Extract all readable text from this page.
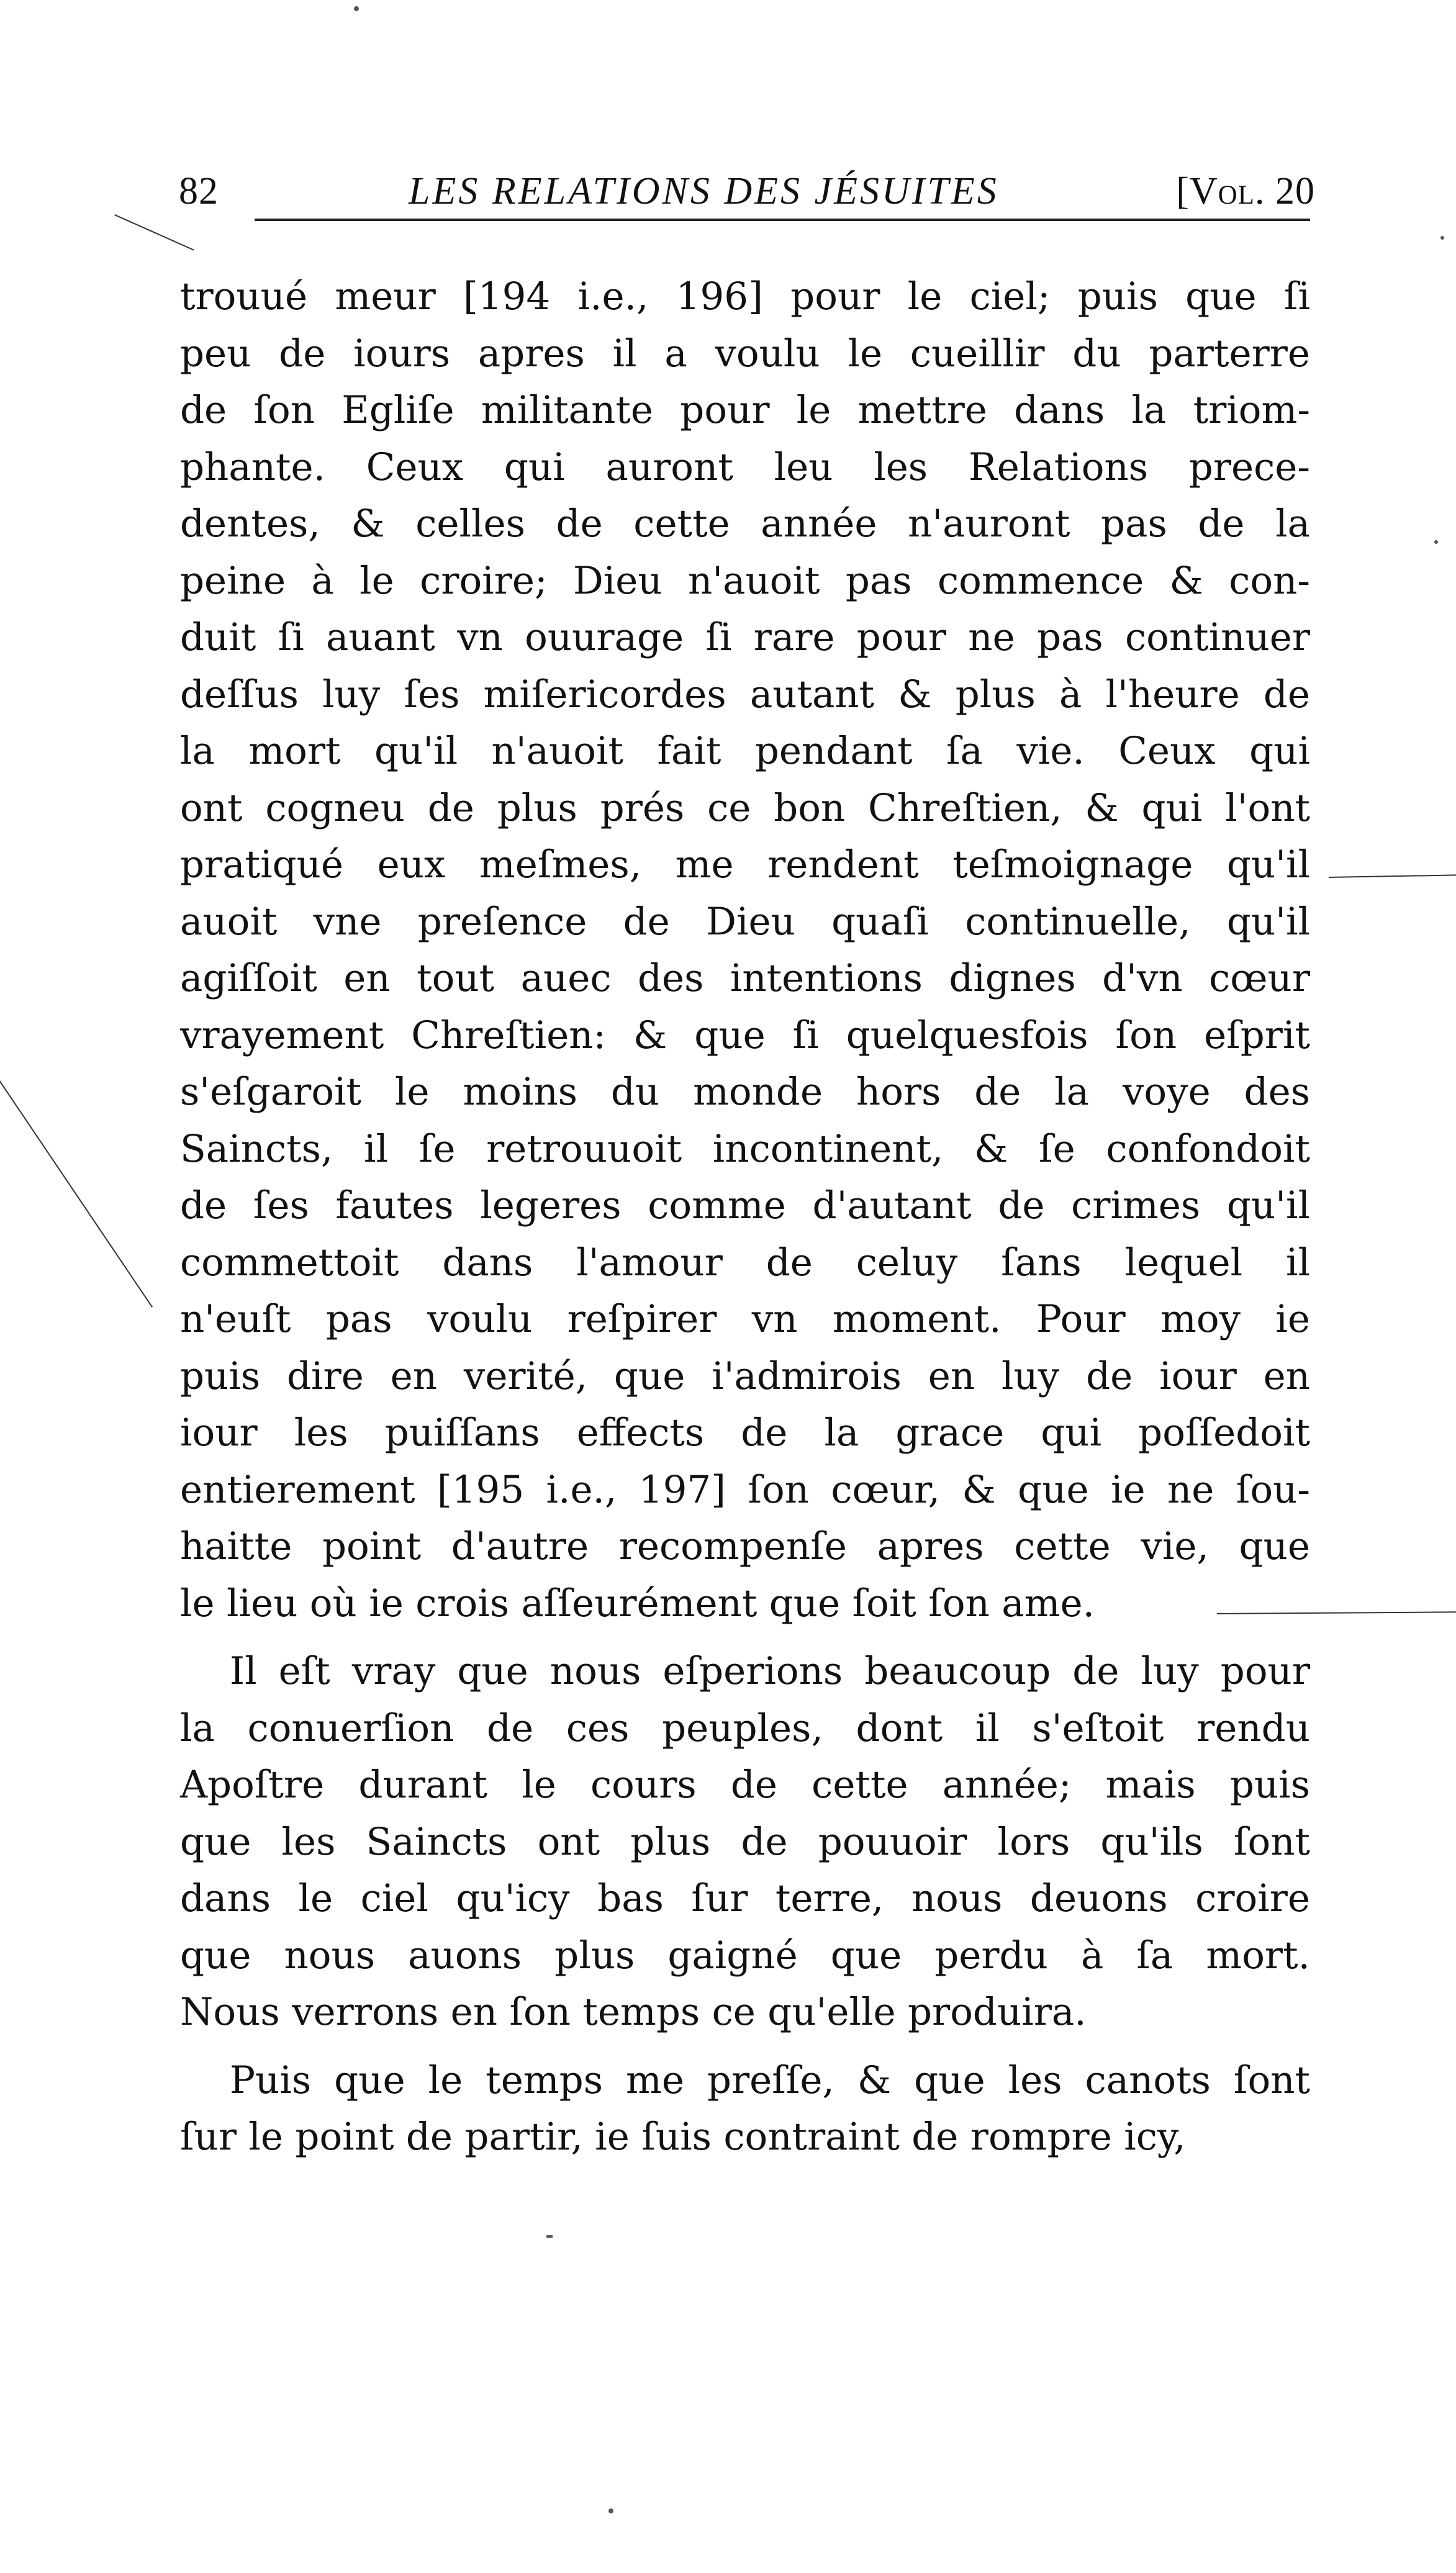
82	LES RELATIONS DES JÉSUITES	[Vol. 20
trouué meur [194 i.e., 196] pour le ciel; puis que ſi
peu de iours apres il a voulu le cueillir du parterre
de ſon Egliſe militante pour le mettre dans la triom-
phante. Ceux qui auront leu les Relations prece-
dentes, & celles de cette année n'auront pas de la
peine à le croire; Dieu n'auoit pas commence & con-
duit ſi auant vn ouurage ſi rare pour ne pas continuer
deſſus luy ſes miſericordes autant & plus à l'heure de
la mort qu'il n'auoit fait pendant ſa vie. Ceux qui
ont cogneu de plus prés ce bon Chreſtien, & qui l'ont
pratiqué eux meſmes, me rendent teſmoignage qu'il
auoit vne preſence de Dieu quaſi continuelle, qu'il
agiſſoit en tout auec des intentions dignes d'vn cœur
vrayement Chreſtien: & que ſi quelquesfois ſon eſprit
s'eſgaroit le moins du monde hors de la voye des
Saincts, il ſe retrouuoit incontinent, & ſe confondoit
de ſes fautes legeres comme d'autant de crimes qu'il
commettoit dans l'amour de celuy ſans lequel il
n'euſt pas voulu reſpirer vn moment. Pour moy ie
puis dire en verité, que i'admirois en luy de iour en
iour les puiſſans effects de la grace qui poſſedoit
entierement [195 i.e., 197] ſon cœur, & que ie ne ſou-
haitte point d'autre recompenſe apres cette vie, que
le lieu où ie crois aſſeurément que ſoit ſon ame.
Il eſt vray que nous eſperions beaucoup de luy pour
la conuerſion de ces peuples, dont il s'eſtoit rendu
Apoſtre durant le cours de cette année; mais puis
que les Saincts ont plus de pouuoir lors qu'ils ſont
dans le ciel qu'icy bas ſur terre, nous deuons croire
que nous auons plus gaigné que perdu à ſa mort.
Nous verrons en ſon temps ce qu'elle produira.
Puis que le temps me preſſe, & que les canots ſont
ſur le point de partir, ie ſuis contraint de rompre icy,
